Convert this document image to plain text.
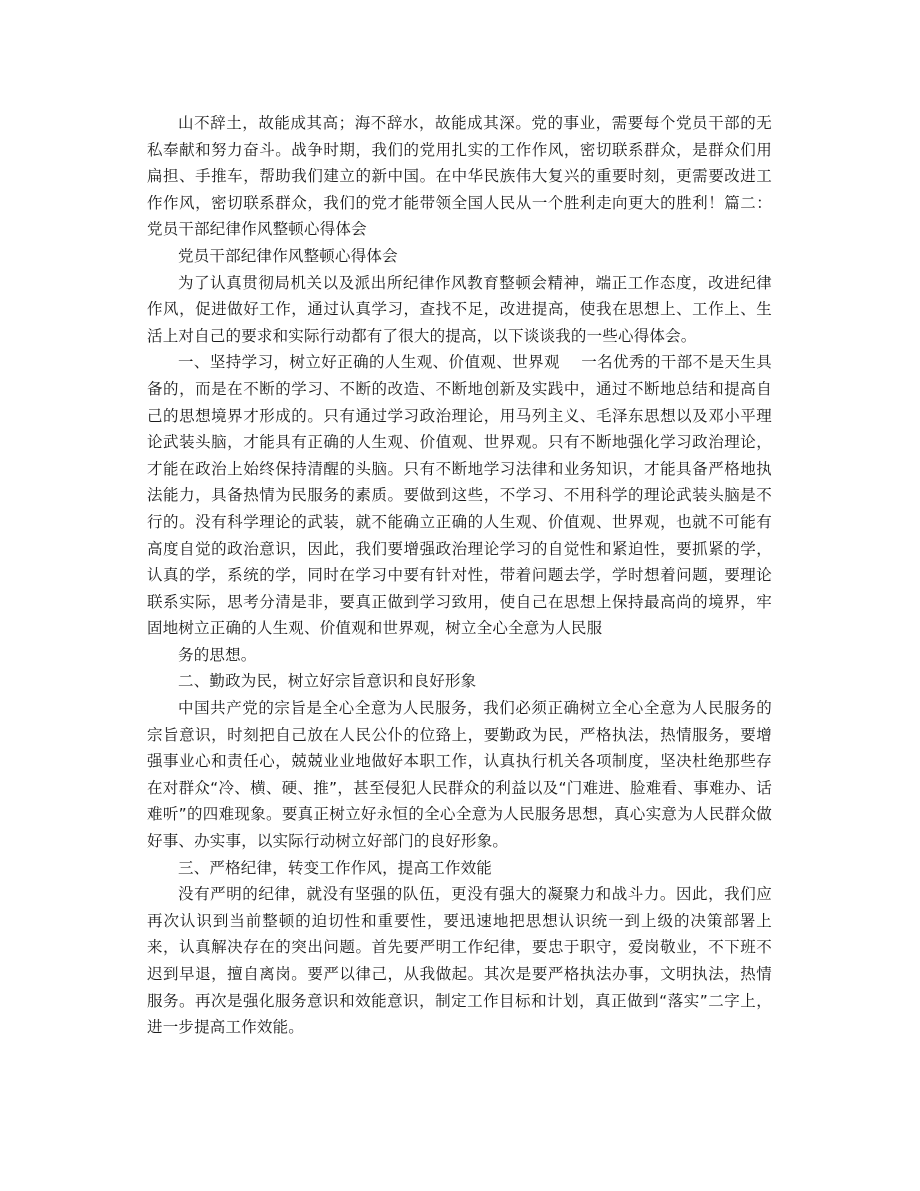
山不辞土，故能成其高；海不辞水，故能成其深。党的事业，需要每个党员干部的无私奉献和努力奋斗。战争时期，我们的党用扎实的工作作风，密切联系群众，是群众们用扁担、手推车，帮助我们建立的新中国。在中华民族伟大复兴的重要时刻，更需要改进工作作风，密切联系群众，我们的党才能带领全国人民从一个胜利走向更大的胜利！篇二：党员干部纪律作风整顿心得体会

党员干部纪律作风整顿心得体会

为了认真贯彻局机关以及派出所纪律作风教育整顿会精神，端正工作态度，改进纪律作风，促进做好工作，通过认真学习，查找不足，改进提高，使我在思想上、工作上、生活上对自己的要求和实际行动都有了很大的提高，以下谈谈我的一些心得体会。

一、坚持学习，树立好正确的人生观、价值观、世界观　 一名优秀的干部不是天生具备的，而是在不断的学习、不断的改造、不断地创新及实践中，通过不断地总结和提高自己的思想境界才形成的。只有通过学习政治理论，用马列主义、毛泽东思想以及邓小平理论武装头脑，才能具有正确的人生观、价值观、世界观。只有不断地强化学习政治理论，才能在政治上始终保持清醒的头脑。只有不断地学习法律和业务知识，才能具备严格地执法能力，具备热情为民服务的素质。要做到这些，不学习、不用科学的理论武装头脑是不行的。没有科学理论的武装，就不能确立正确的人生观、价值观、世界观，也就不可能有高度自觉的政治意识，因此，我们要增强政治理论学习的自觉性和紧迫性，要抓紧的学，认真的学，系统的学，同时在学习中要有针对性，带着问题去学，学时想着问题，要理论联系实际，思考分清是非，要真正做到学习致用，使自己在思想上保持最高尚的境界，牢固地树立正确的人生观、价值观和世界观，树立全心全意为人民服

务的思想。

二、勤政为民，树立好宗旨意识和良好形象

中国共产党的宗旨是全心全意为人民服务，我们必须正确树立全心全意为人民服务的宗旨意识，时刻把自己放在人民公仆的位臵上，要勤政为民，严格执法，热情服务，要增强事业心和责任心，兢兢业业地做好本职工作，认真执行机关各项制度，坚决杜绝那些存在对群众“冷、横、硬、推”，甚至侵犯人民群众的利益以及“门难进、脸难看、事难办、话难听”的四难现象。要真正树立好永恒的全心全意为人民服务思想，真心实意为人民群众做好事、办实事，以实际行动树立好部门的良好形象。

三、严格纪律，转变工作作风，提高工作效能

没有严明的纪律，就没有坚强的队伍，更没有强大的凝聚力和战斗力。因此，我们应再次认识到当前整顿的迫切性和重要性，要迅速地把思想认识统一到上级的决策部署上来，认真解决存在的突出问题。首先要严明工作纪律，要忠于职守，爱岗敬业，不下班不迟到早退，擅自离岗。要严以律己，从我做起。其次是要严格执法办事，文明执法，热情服务。再次是强化服务意识和效能意识，制定工作目标和计划，真正做到“落实”二字上，进一步提高工作效能。
